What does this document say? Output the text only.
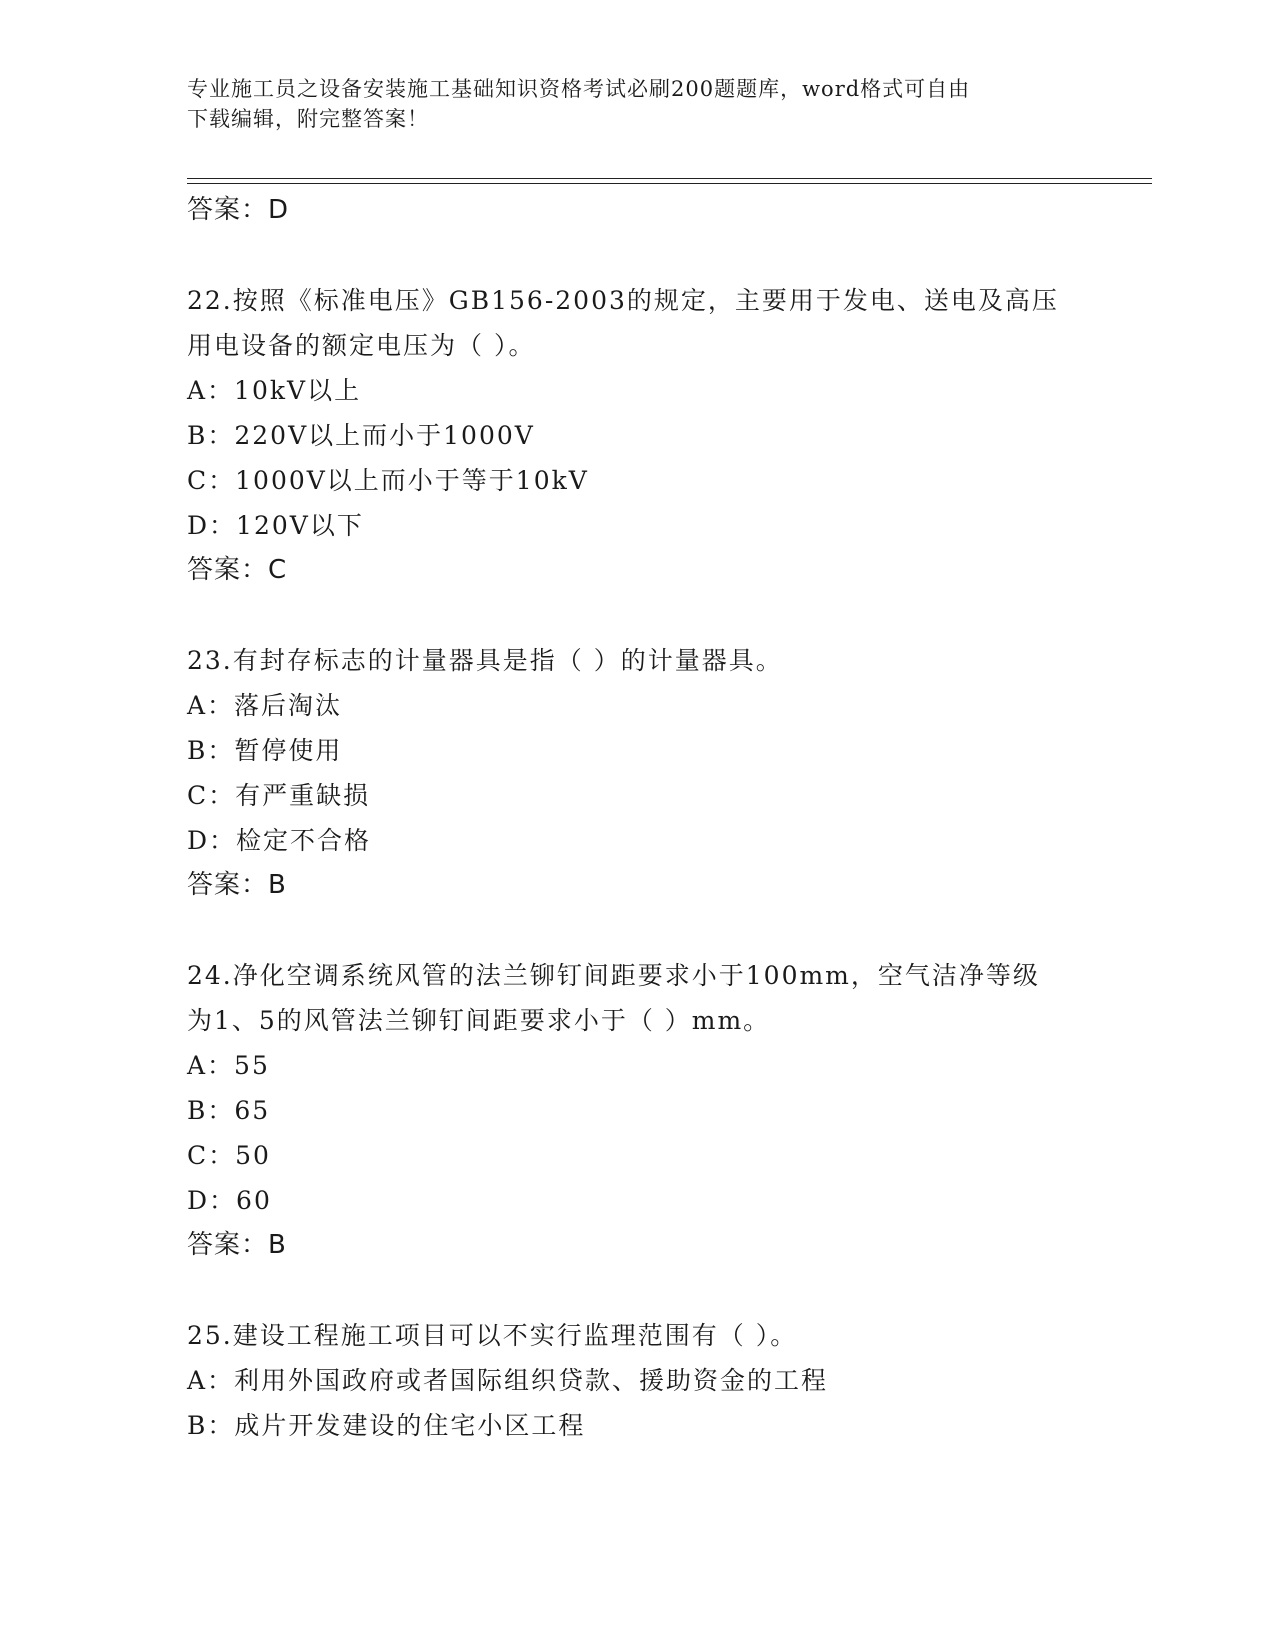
专业施工员之设备安装施工基础知识资格考试必刷200题题库，word格式可自由
下载编辑，附完整答案！
答案：D
22.按照《标准电压》GB156-2003的规定，主要用于发电、送电及高压
用电设备的额定电压为（ ）。
A：10kV以上
B：220V以上而小于1000V
C：1000V以上而小于等于10kV
D：120V以下
答案：C
23.有封存标志的计量器具是指（ ）的计量器具。
A：落后淘汰
B：暂停使用
C：有严重缺损
D：检定不合格
答案：B
24.净化空调系统风管的法兰铆钉间距要求小于100mm，空气洁净等级
为1、5的风管法兰铆钉间距要求小于（ ）mm。
A：55
B：65
C：50
D：60
答案：B
25.建设工程施工项目可以不实行监理范围有（ ）。
A：利用外国政府或者国际组织贷款、援助资金的工程
B：成片开发建设的住宅小区工程
